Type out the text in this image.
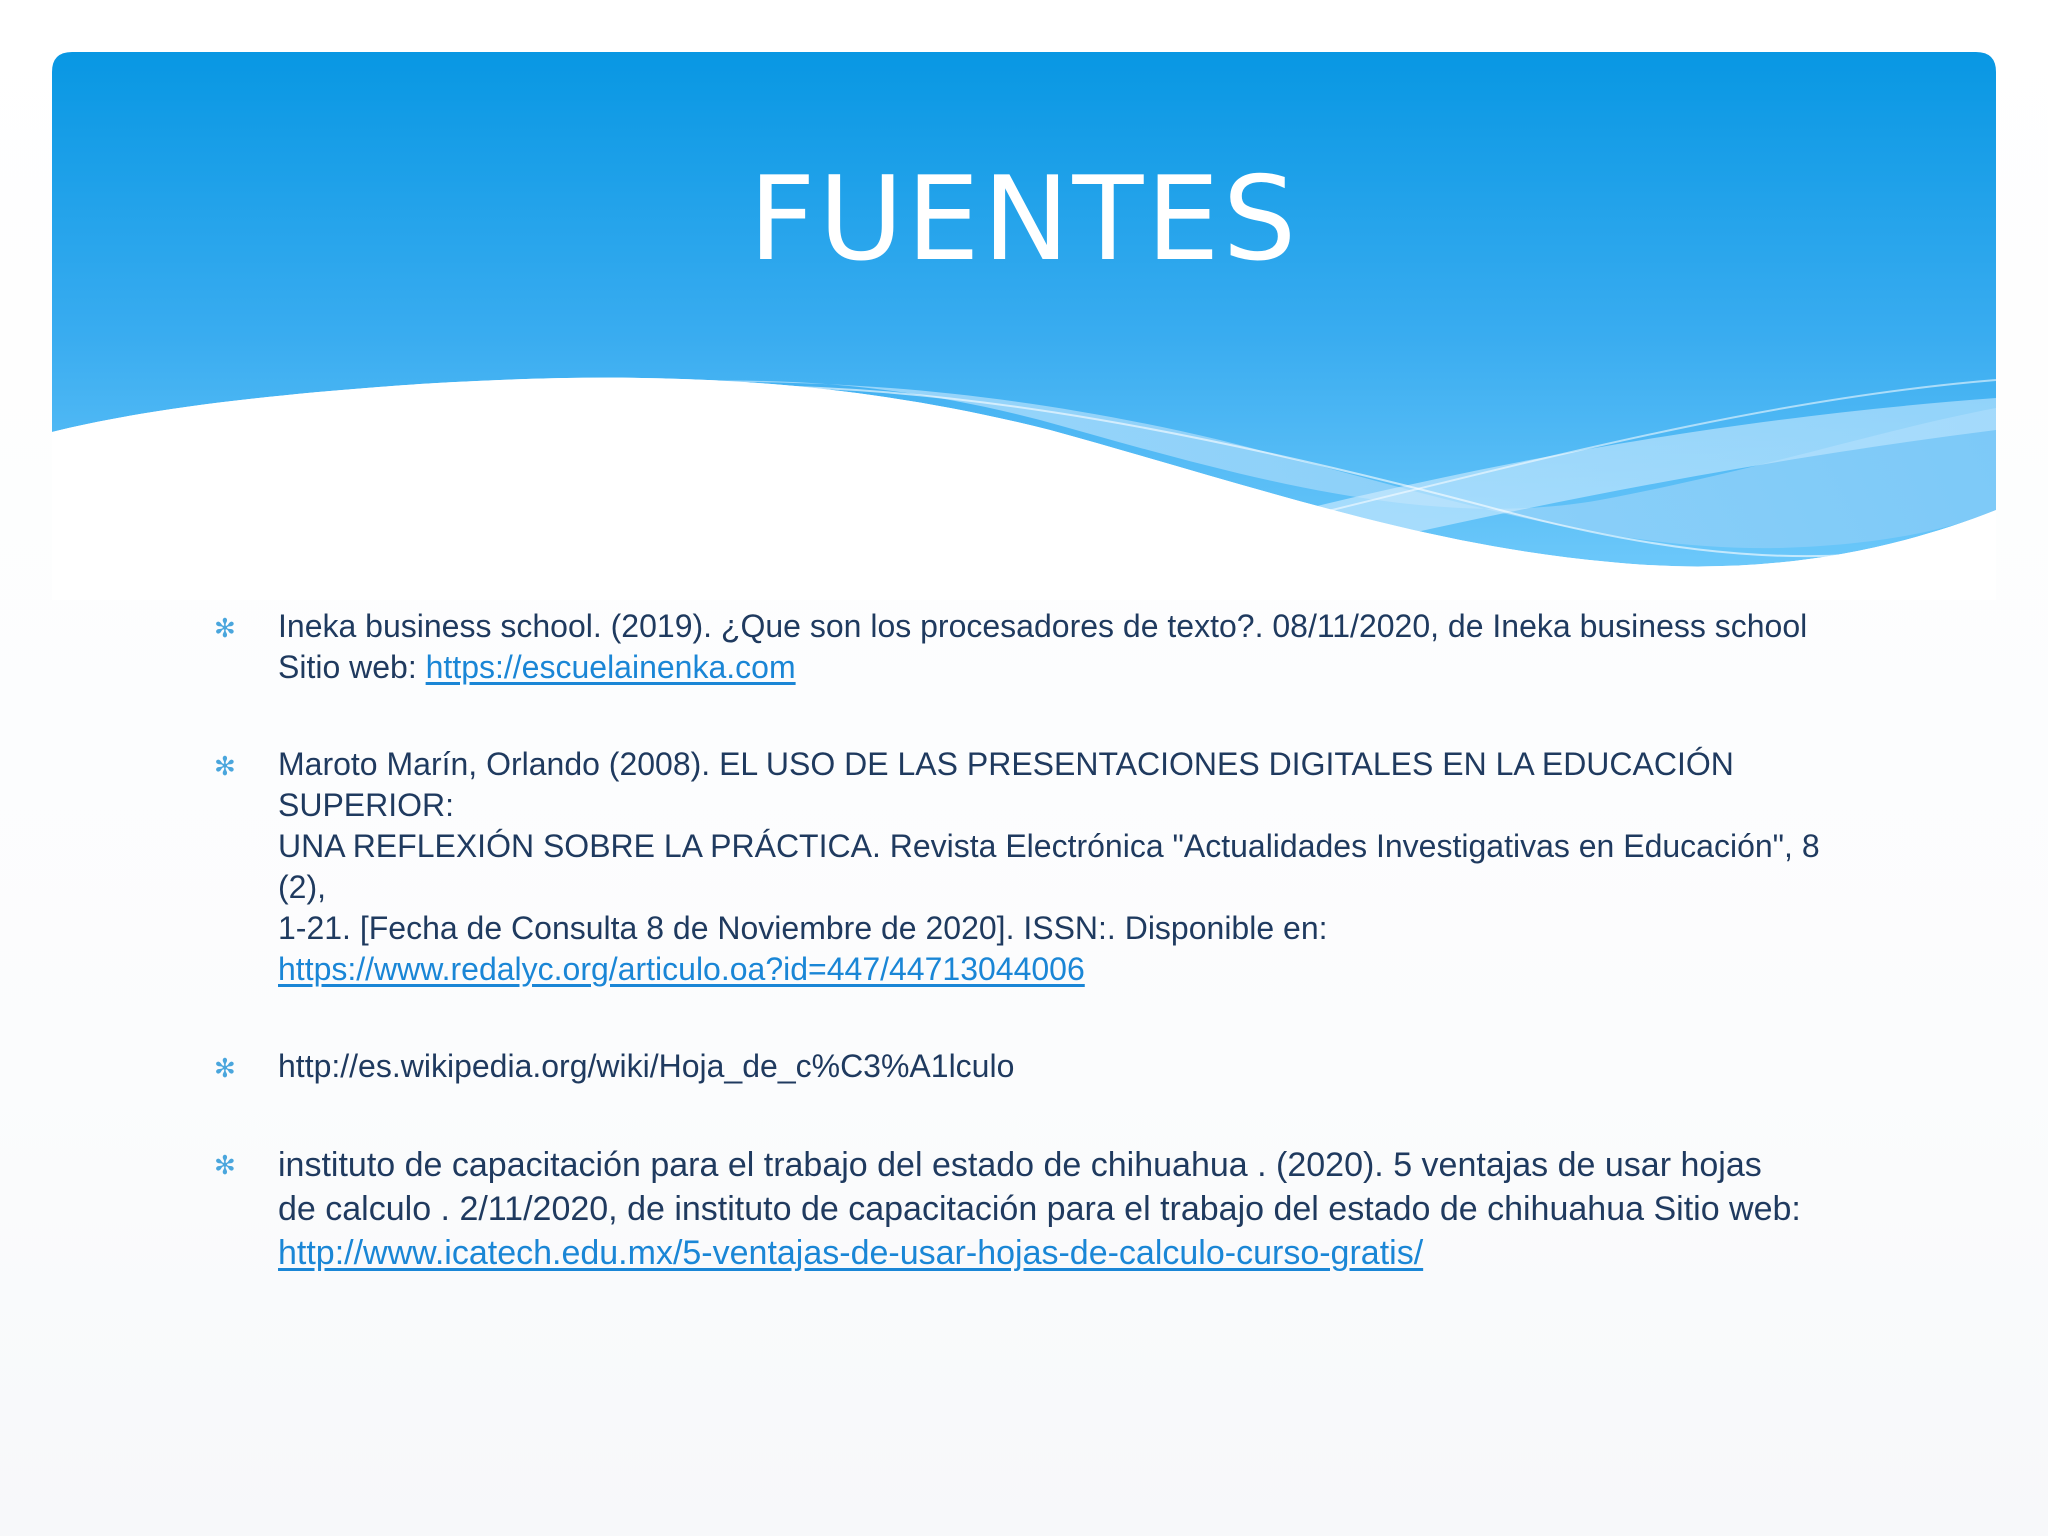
FUENTES
✻ Ineka business school. (2019). ¿Que son los procesadores de texto?. 08/11/2020, de Ineka business school
Sitio web: https://escuelainenka.com
✻ Maroto Marín, Orlando (2008). EL USO DE LAS PRESENTACIONES DIGITALES EN LA EDUCACIÓN SUPERIOR:
UNA REFLEXIÓN SOBRE LA PRÁCTICA. Revista Electrónica "Actualidades Investigativas en Educación", 8 (2),
1-21. [Fecha de Consulta 8 de Noviembre de 2020]. ISSN:. Disponible en:
https://www.redalyc.org/articulo.oa?id=447/44713044006
✻ http://es.wikipedia.org/wiki/Hoja_de_c%C3%A1lculo
✻ instituto de capacitación para el trabajo del estado de chihuahua . (2020). 5 ventajas de usar hojas
de calculo . 2/11/2020, de instituto de capacitación para el trabajo del estado de chihuahua Sitio web:
http://www.icatech.edu.mx/5-ventajas-de-usar-hojas-de-calculo-curso-gratis/
